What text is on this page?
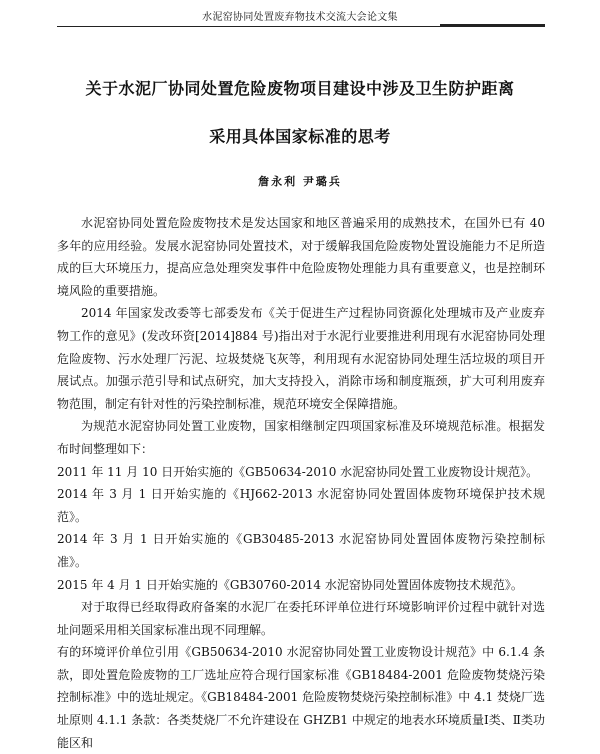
水泥窑协同处置废弃物技术交流大会论文集
关于水泥厂协同处置危险废物项目建设中涉及卫生防护距离
采用具体国家标准的思考
詹永利 尹璐兵

水泥窑协同处置危险废物技术是发达国家和地区普遍采用的成熟技术，在国外已有 40 多年的应用经验。发展水泥窑协同处置技术，对于缓解我国危险废物处置设施能力不足所造成的巨大环境压力，提高应急处理突发事件中危险废物处理能力具有重要意义，也是控制环境风险的重要措施。

2014 年国家发改委等七部委发布《关于促进生产过程协同资源化处理城市及产业废弃物工作的意见》(发改环资[2014]884 号)指出对于水泥行业要推进利用现有水泥窑协同处理危险废物、污水处理厂污泥、垃圾焚烧飞灰等，利用现有水泥窑协同处理生活垃圾的项目开展试点。加强示范引导和试点研究，加大支持投入，消除市场和制度瓶颈，扩大可利用废弃物范围，制定有针对性的污染控制标准，规范环境安全保障措施。

为规范水泥窑协同处置工业废物，国家相继制定四项国家标准及环境规范标准。根据发布时间整理如下：

2011 年 11 月 10 日开始实施的《GB50634-2010 水泥窑协同处置工业废物设计规范》。

2014 年 3 月 1 日开始实施的《HJ662-2013 水泥窑协同处置固体废物环境保护技术规范》。

2014 年 3 月 1 日开始实施的《GB30485-2013 水泥窑协同处置固体废物污染控制标准》。

2015 年 4 月 1 日开始实施的《GB30760-2014 水泥窑协同处置固体废物技术规范》。

对于取得已经取得政府备案的水泥厂在委托环评单位进行环境影响评价过程中就针对选址问题采用相关国家标准出现不同理解。

有的环境评价单位引用《GB50634-2010 水泥窑协同处置工业废物设计规范》中 6.1.4 条款，即处置危险废物的工厂选址应符合现行国家标准《GB18484-2001 危险废物焚烧污染控制标准》中的选址规定。《GB18484-2001 危险废物焚烧污染控制标准》中 4.1 焚烧厂选址原则 4.1.1 条款：各类焚烧厂不允许建设在 GHZB1 中规定的地表水环境质量Ⅰ类、Ⅱ类功能区和
